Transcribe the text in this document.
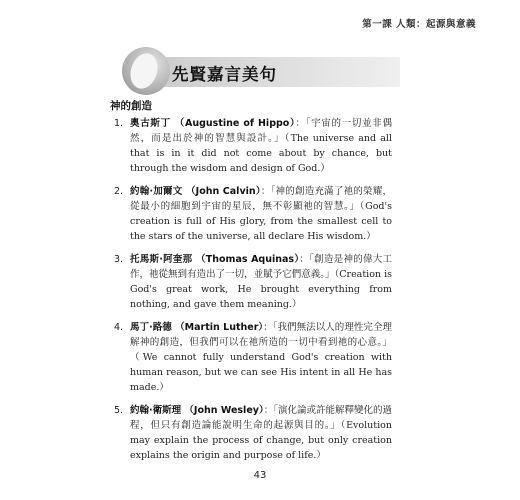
第一課 人類：起源與意義
先賢嘉言美句
神的創造
1. 奧古斯丁 （Augustine of Hippo）：「宇宙的一切並非偶然，而是出於神的智慧與設計。」（The universe and all that is in it did not come about by chance, but through the wisdom and design of God.）
2. 約翰·加爾文 （John Calvin）：「神的創造充滿了祂的榮耀，從最小的細胞到宇宙的星辰，無不彰顯祂的智慧。」（God's creation is full of His glory, from the smallest cell to the stars of the universe, all declare His wisdom.）
3. 托馬斯·阿奎那 （Thomas Aquinas）：「創造是神的偉大工作，祂從無到有造出了一切，並賦予它們意義。」（Creation is God's great work, He brought everything from nothing, and gave them meaning.）
4. 馬丁·路德 （Martin Luther）：「我們無法以人的理性完全理解神的創造，但我們可以在祂所造的一切中看到祂的心意。」（We cannot fully understand God's creation with human reason, but we can see His intent in all He has made.）
5. 約翰·衛斯理 （John Wesley）：「演化論或許能解釋變化的過程，但只有創造論能說明生命的起源與目的。」（Evolution may explain the process of change, but only creation explains the origin and purpose of life.）
43
